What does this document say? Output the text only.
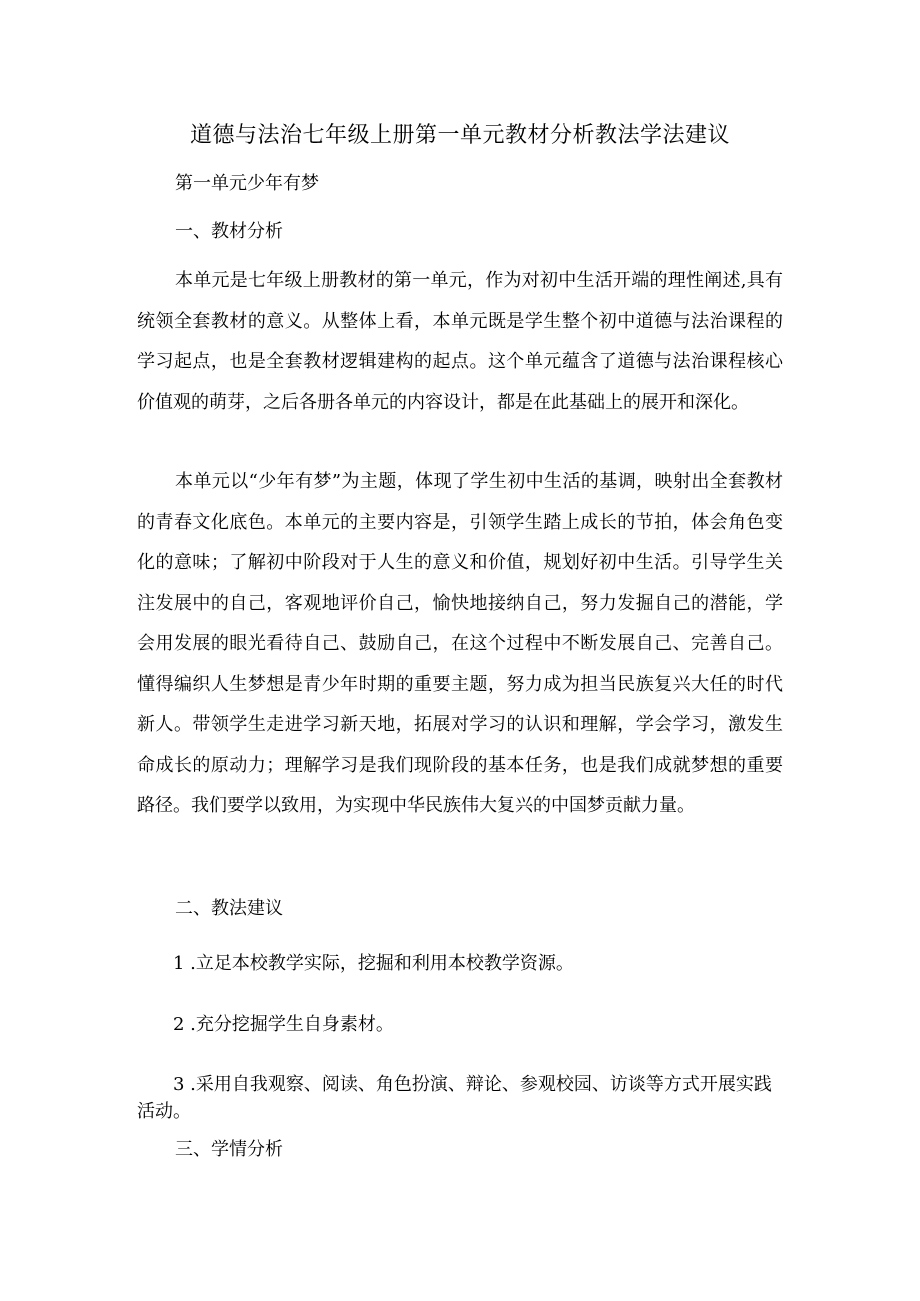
道德与法治七年级上册第一单元教材分析教法学法建议
第一单元少年有梦
一、教材分析
本单元是七年级上册教材的第一单元，作为对初中生活开端的理性阐述,具有统领全套教材的意义。从整体上看，本单元既是学生整个初中道德与法治课程的学习起点，也是全套教材逻辑建构的起点。这个单元蕴含了道德与法治课程核心价值观的萌芽，之后各册各单元的内容设计，都是在此基础上的展开和深化。
本单元以“少年有梦”为主题，体现了学生初中生活的基调，映射出全套教材的青春文化底色。本单元的主要内容是，引领学生踏上成长的节拍，体会角色变化的意味；了解初中阶段对于人生的意义和价值，规划好初中生活。引导学生关注发展中的自己，客观地评价自己，愉快地接纳自己，努力发掘自己的潜能，学会用发展的眼光看待自己、鼓励自己，在这个过程中不断发展自己、完善自己。懂得编织人生梦想是青少年时期的重要主题，努力成为担当民族复兴大任的时代新人。带领学生走进学习新天地，拓展对学习的认识和理解，学会学习，激发生命成长的原动力；理解学习是我们现阶段的基本任务，也是我们成就梦想的重要路径。我们要学以致用，为实现中华民族伟大复兴的中国梦贡献力量。
二、教法建议
1 .立足本校教学实际，挖掘和利用本校教学资源。
2 .充分挖掘学生自身素材。
3 .采用自我观察、阅读、角色扮演、辩论、参观校园、访谈等方式开展实践活动。
三、学情分析
